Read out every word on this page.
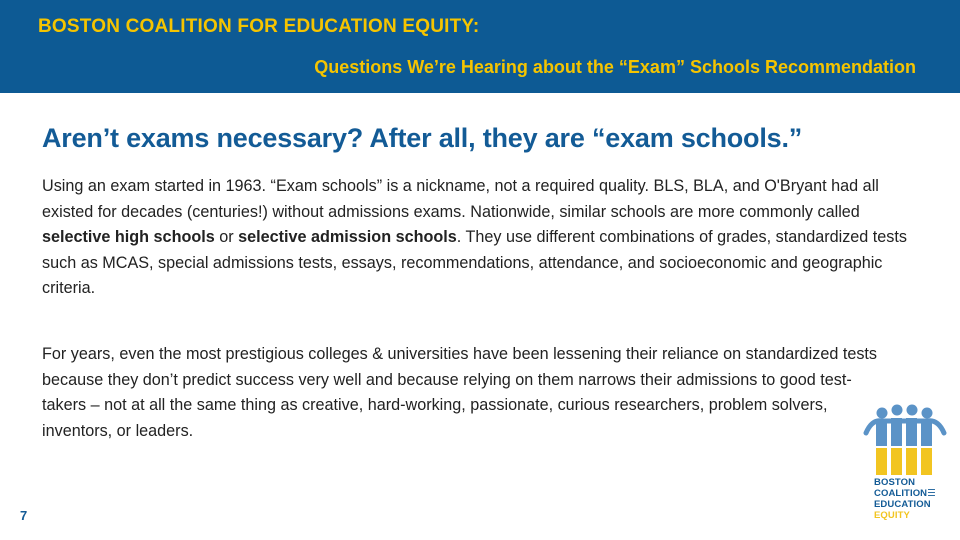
BOSTON COALITION FOR EDUCATION EQUITY:
Questions We’re Hearing about the “Exam” Schools Recommendation
Aren’t exams necessary? After all, they are “exam schools.”
Using an exam started in 1963. “Exam schools” is a nickname, not a required quality. BLS, BLA, and O'Bryant had all existed for decades (centuries!) without admissions exams. Nationwide, similar schools are more commonly called selective high schools or selective admission schools. They use different combinations of grades, standardized tests such as MCAS, special admissions tests, essays, recommendations, attendance, and socioeconomic and geographic criteria.
For years, even the most prestigious colleges & universities have been lessening their reliance on standardized tests because they don’t predict success very well and because relying on them narrows their admissions to good test-takers – not at all the same thing as creative, hard-working, passionate, curious researchers, problem solvers, inventors, or leaders.
7
BOSTON
COALITION☰
EDUCATION
EQUITY
